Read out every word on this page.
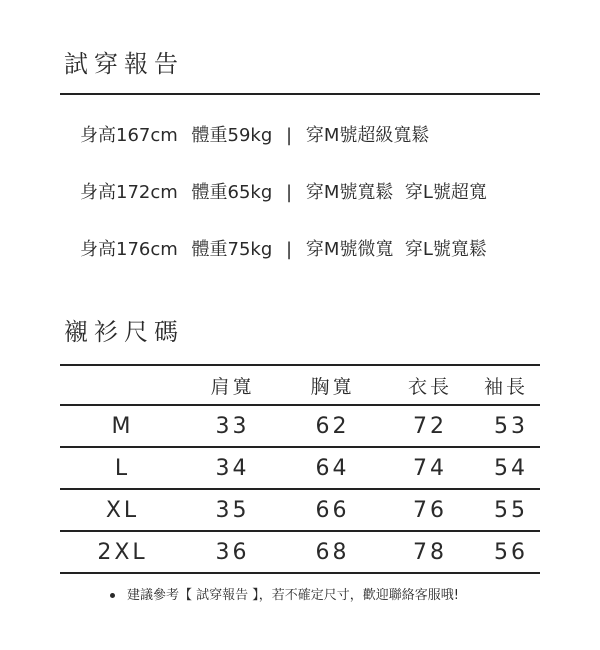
試穿報告
身高167cm 體重59kg | 穿M號超級寬鬆
身高172cm 體重65kg | 穿M號寬鬆  穿L號超寬
身高176cm 體重75kg | 穿M號微寬  穿L號寬鬆
襯衫尺碼
	肩寬	胸寬	衣長	袖長
M	33	62	72	53
L	34	64	74	54
XL	35	66	76	55
2XL	36	68	78	56
建議參考【 試穿報告 】，若不確定尺寸，歡迎聯絡客服哦!
